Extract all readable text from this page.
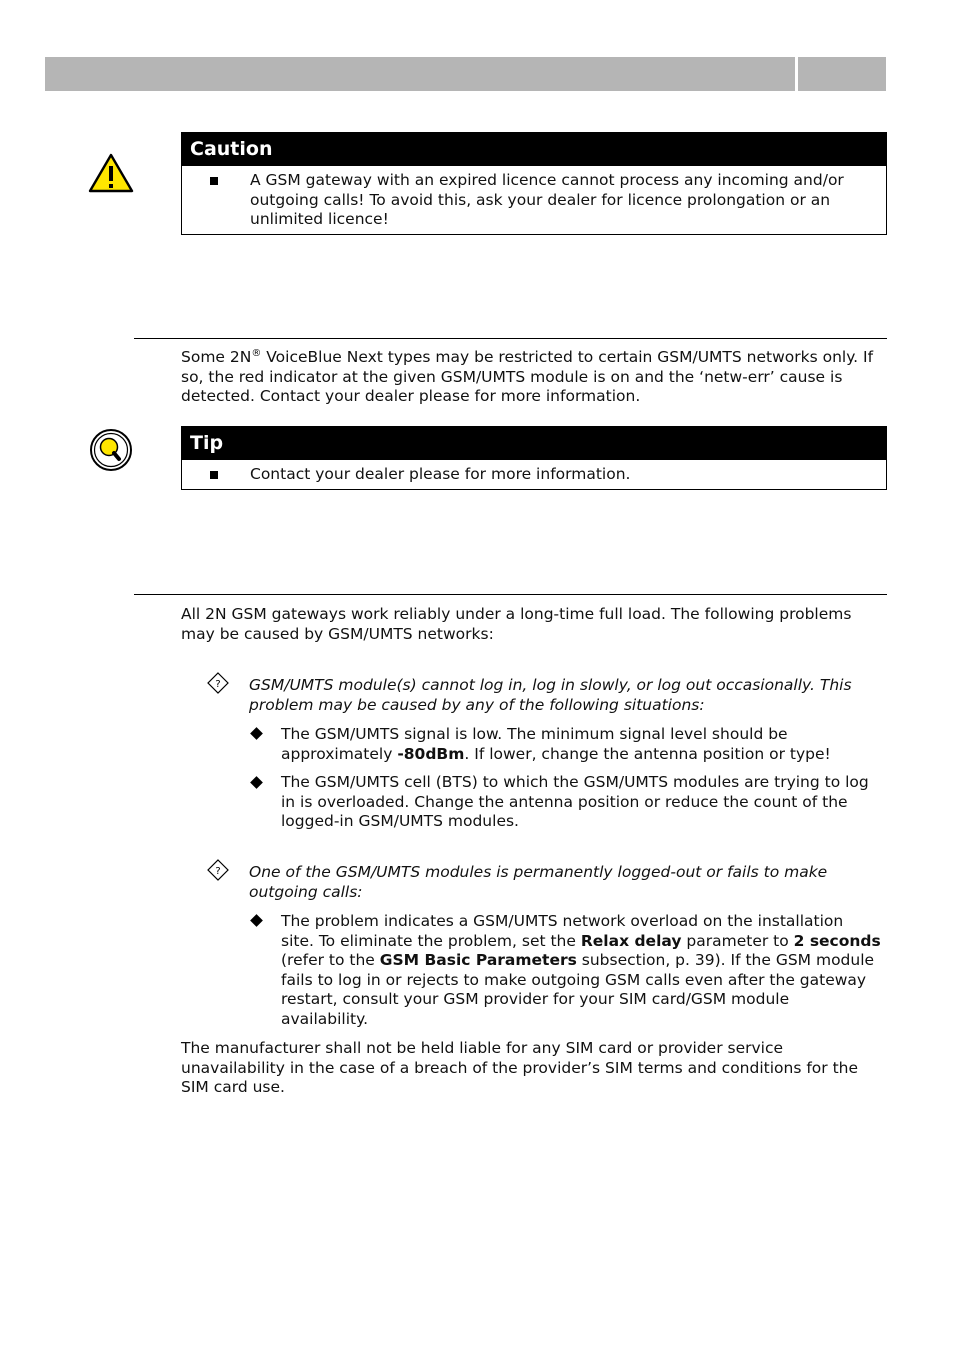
Caution
A GSM gateway with an expired licence cannot process any incoming and/or outgoing calls! To avoid this, ask your dealer for licence prolongation or an unlimited licence!

Some 2N® VoiceBlue Next types may be restricted to certain GSM/UMTS networks only. If so, the red indicator at the given GSM/UMTS module is on and the ‘netw-err’ cause is detected. Contact your dealer please for more information.

Tip
Contact your dealer please for more information.

All 2N GSM gateways work reliably under a long-time full load. The following problems may be caused by GSM/UMTS networks:

? GSM/UMTS module(s) cannot log in, log in slowly, or log out occasionally. This problem may be caused by any of the following situations:

The GSM/UMTS signal is low. The minimum signal level should be approximately -80dBm. If lower, change the antenna position or type!

The GSM/UMTS cell (BTS) to which the GSM/UMTS modules are trying to log in is overloaded. Change the antenna position or reduce the count of the logged-in GSM/UMTS modules.

? One of the GSM/UMTS modules is permanently logged-out or fails to make outgoing calls:

The problem indicates a GSM/UMTS network overload on the installation site. To eliminate the problem, set the Relax delay parameter to 2 seconds (refer to the GSM Basic Parameters subsection, p. 39). If the GSM module fails to log in or rejects to make outgoing GSM calls even after the gateway restart, consult your GSM provider for your SIM card/GSM module availability.

The manufacturer shall not be held liable for any SIM card or provider service unavailability in the case of a breach of the provider’s SIM terms and conditions for the SIM card use.
